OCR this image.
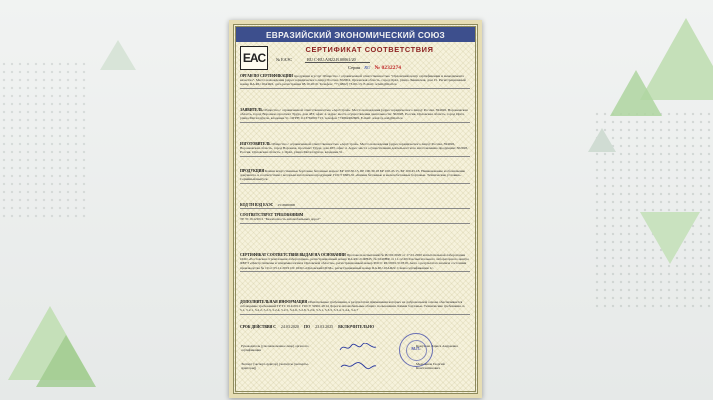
ЕВРАЗИЙСКИЙ ЭКОНОМИЧЕСКИЙ СОЮЗ
EAC
СЕРТИФИКАТ СООТВЕТСТВИЯ
№ ЕАЭС	RU С-RU.АЯ22.В.00061/20
Серия RU № 0232274
ОРГАН ПО СЕРТИФИКАЦИИ продукции и услуг Общество с ограниченной ответственностью "Орловский центр сертификации и менеджмента качества". Место нахождения (адрес юридического лица): Россия, 302004, Орловская область, город Орёл, улица Ленинская, дом 15. Регистрационный номер RA.RU.10АЯ22, дата регистрации 08.10.2019. Телефон: +7 (4862) 73-00-13, E-mail: oclem@mail.ru
ЗАЯВИТЕЛЬ Общество с ограниченной ответственностью «АрсСтрой». Место нахождения (адрес юридического лица): Россия, 394026, Воронежская область, город Воронеж, проспект Труда, дом 48Т, офис 4. Адрес места осуществления деятельности: 302028, Россия, Орловская область, город Орёл, улица Металлургов, владение 51. ОГРН 1113762001713, телефон +74862482609, E-mail: arsstroy.orel@mail.ru
ИЗГОТОВИТЕЛЬ Общество с ограниченной ответственностью «АрсСтрой». Место нахождения (адрес юридического лица): Россия, 394026, Воронежская область, город Воронеж, проспект Труда, дом 48Т, офис 4. Адрес места осуществления деятельности по изготовлению продукции: 302028, Россия, Орловская область, г. Орёл, улица Металлургов, владение 51.
ПРОДУКЦИЯ Камни искусственные бортовые бетонные марок: БР 100.30.15, БР 100.30.18 БР 100.45.15, БР 100.45.18. Наименование и обозначение документа, в соответствии с которым изготовлена продукция: ГОСТ 6665-91 «Камни бетонные и железобетонные бортовые. Технические условия». Серийный выпуск.
КОД ТН ВЭД ЕАЭС 2516900000
СООТВЕТСТВУЕТ ТРЕБОВАНИЯМ
ТР ТС 014/2011 "Безопасность автомобильных дорог"
СЕРТИФИКАТ СООТВЕТСТВИЯ ВЫДАН НА ОСНОВАНИИ Протокола испытаний № Ис/02/2020 от 17.01.2020 испытательной лаборатории ООО «Ростовская строительная лаборатория», регистрационный номер RA.RU.21ФН45; № 0240НФ от 11.12.2019 испытательного лабораторного центра ФБУЗ «Центр гигиены и эпидемиологии в Орловской области», регистрационный номер РОСС RU.0001.510318, Акта о результатах анализа состояния производства № 19 от 05.12.2019 ОС ООО «Орловский ЦСМ», регистрационный номер RA.RU.10АЯ22. Схема сертификации 1с.
ДОПОЛНИТЕЛЬНАЯ ИНФОРМАЦИЯ Обязательные требования, к результатам применения которых на добровольной основе обеспечивается соблюдение требований ТР ТС 014/2011: ГОСТ 32961-2014 Дороги автомобильные общего пользования. Камни бортовые. Технические требования. п. 5.1, 5.2.1, 5.2.2, 5.2.3, 5.2.4, 5.2.5, 5.2.6, 5.2.8, 5.2.9, 5.3.1, 5.3.3, 5.3.4, 5.4.4, 5.4.7
СРОК ДЕЙСТВИЯ С 24.03.2020 ПО 23.03.2025 ВКЛЮЧИТЕЛЬНО
Руководитель (уполномоченное лицо) органа по сертификации
Кожухова Лариса Андреевна
Эксперт (эксперт-аудитор) (эксперты (эксперты-аудиторы))
Мельников Георгий Константинович
М.П.
